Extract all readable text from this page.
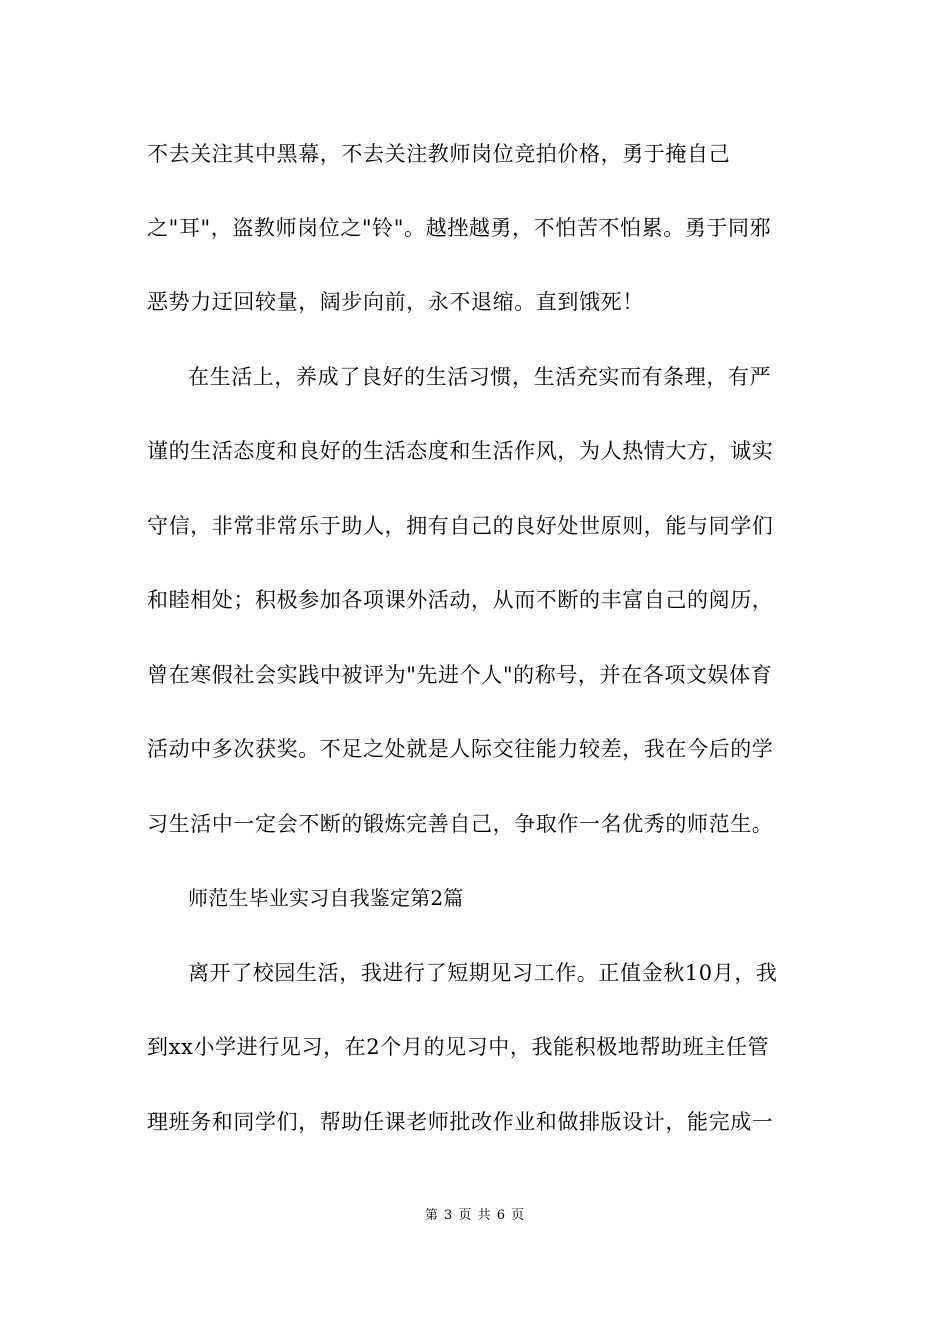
不去关注其中黑幕，不去关注教师岗位竞拍价格，勇于掩自己
之"耳"，盗教师岗位之"铃"。越挫越勇，不怕苦不怕累。勇于同邪
恶势力迂回较量，阔步向前，永不退缩。直到饿死！
在生活上，养成了良好的生活习惯，生活充实而有条理，有严
谨的生活态度和良好的生活态度和生活作风，为人热情大方，诚实
守信，非常非常乐于助人，拥有自己的良好处世原则，能与同学们
和睦相处；积极参加各项课外活动，从而不断的丰富自己的阅历，
曾在寒假社会实践中被评为"先进个人"的称号，并在各项文娱体育
活动中多次获奖。不足之处就是人际交往能力较差，我在今后的学
习生活中一定会不断的锻炼完善自己，争取作一名优秀的师范生。
师范生毕业实习自我鉴定第2篇
离开了校园生活，我进行了短期见习工作。正值金秋10月，我
到xx小学进行见习，在2个月的见习中，我能积极地帮助班主任管
理班务和同学们，帮助任课老师批改作业和做排版设计，能完成一
第 3 页 共 6 页
